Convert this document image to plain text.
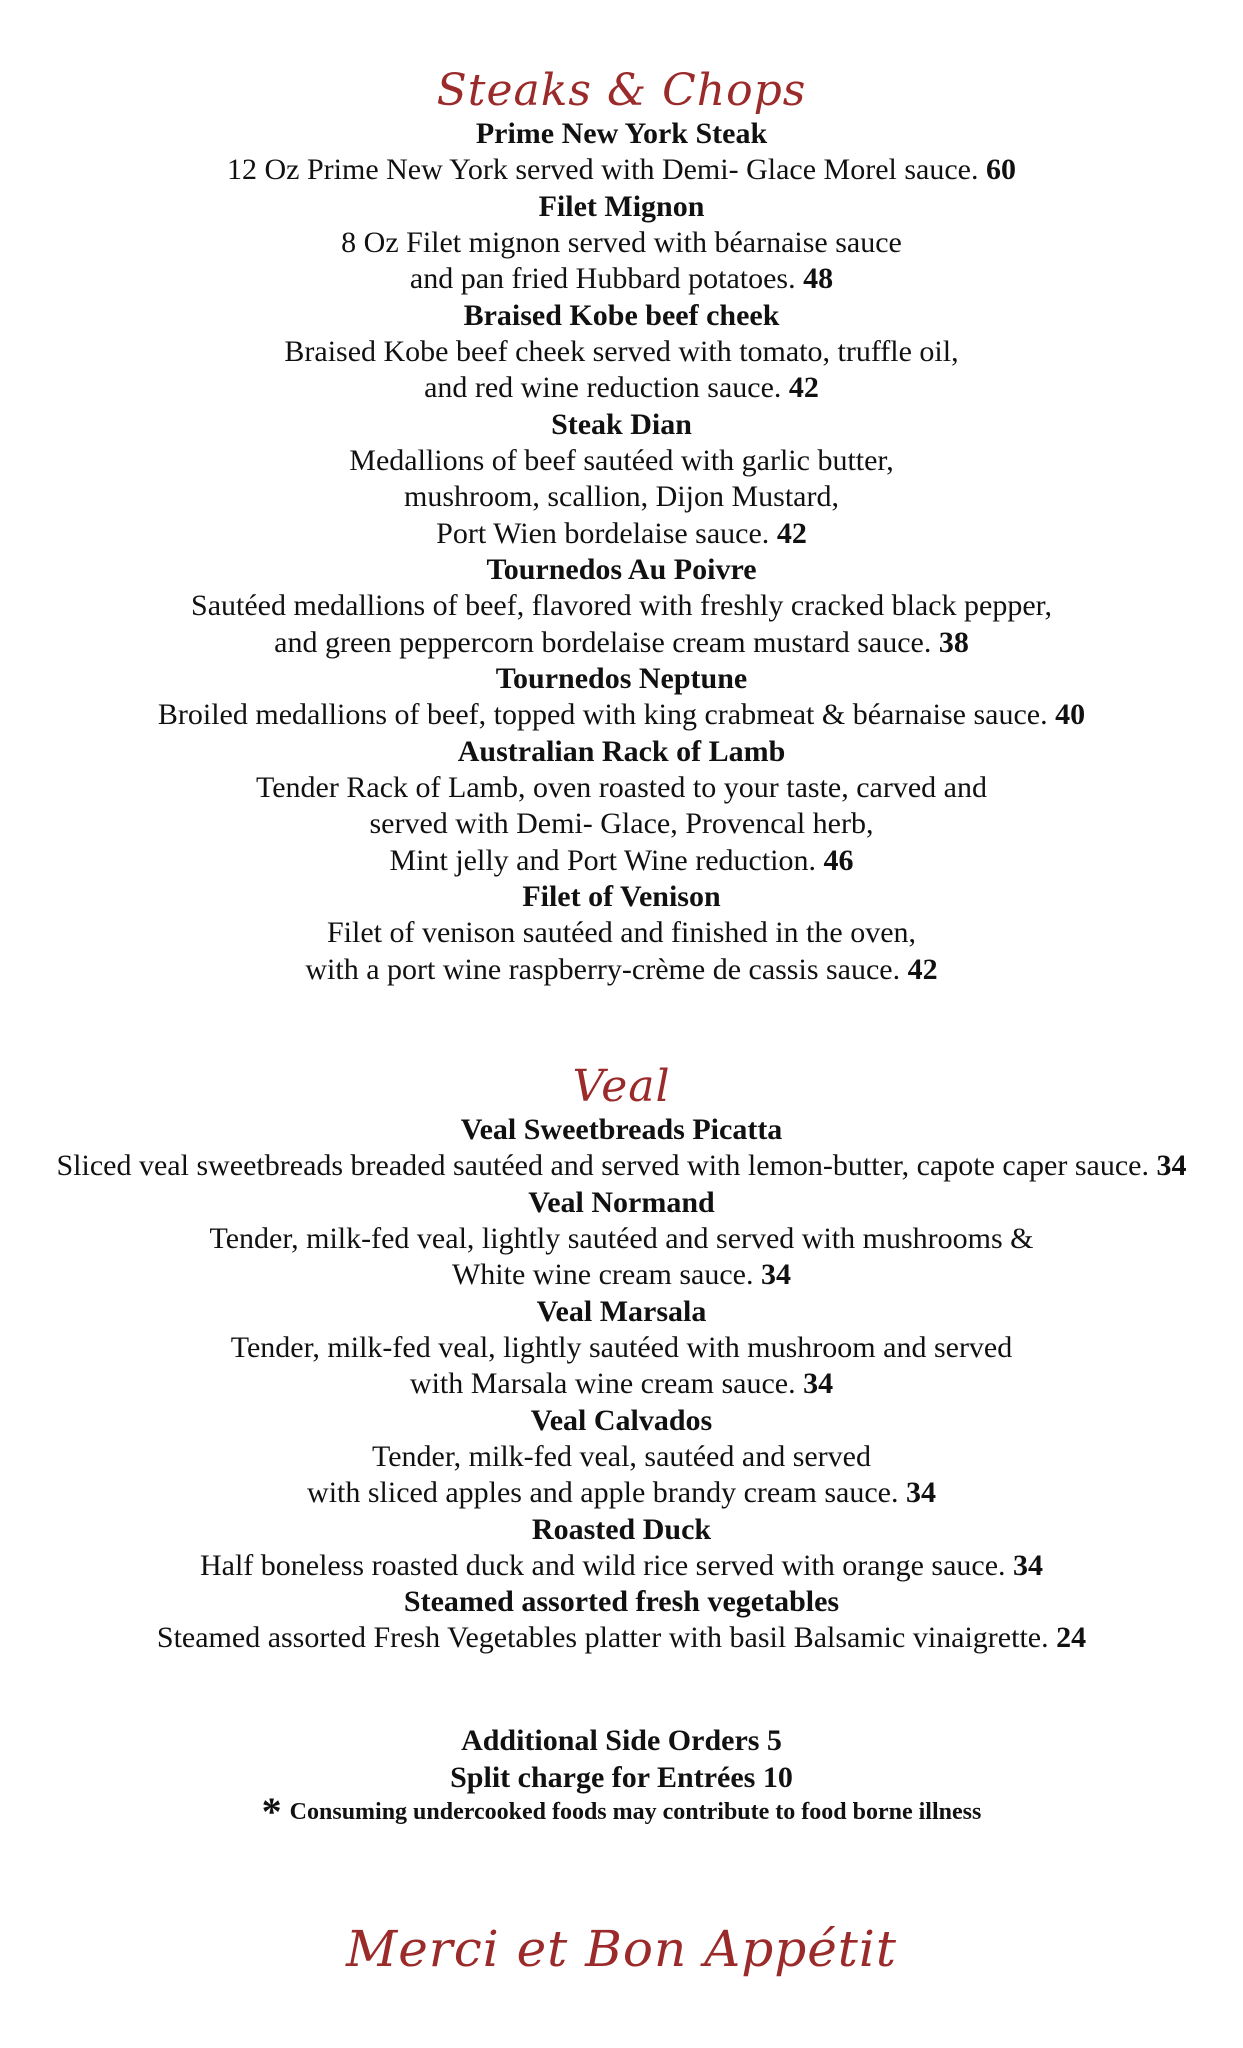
Steaks & Chops

Prime New York Steak

12 Oz Prime New York served with Demi- Glace Morel sauce. 60

Filet Mignon

8 Oz Filet mignon served with béarnaise sauce

and pan fried Hubbard potatoes. 48

Braised Kobe beef cheek

Braised Kobe beef cheek served with tomato, truffle oil,

and red wine reduction sauce. 42

Steak Dian

Medallions of beef sautéed with garlic butter,

mushroom, scallion, Dijon Mustard,

Port Wien bordelaise sauce. 42

Tournedos Au Poivre

Sautéed medallions of beef, flavored with freshly cracked black pepper,

and green peppercorn bordelaise cream mustard sauce. 38

Tournedos Neptune

Broiled medallions of beef, topped with king crabmeat & béarnaise sauce. 40

Australian Rack of Lamb

Tender Rack of Lamb, oven roasted to your taste, carved and

served with Demi- Glace, Provencal herb,

Mint jelly and Port Wine reduction. 46

Filet of Venison

Filet of venison sautéed and finished in the oven,

with a port wine raspberry-crème de cassis sauce. 42

Veal

Veal Sweetbreads Picatta

Sliced veal sweetbreads breaded sautéed and served with lemon-butter, capote caper sauce. 34

Veal Normand

Tender, milk-fed veal, lightly sautéed and served with mushrooms &

White wine cream sauce. 34

Veal Marsala

Tender, milk-fed veal, lightly sautéed with mushroom and served

with Marsala wine cream sauce. 34

Veal Calvados

Tender, milk-fed veal, sautéed and served

with sliced apples and apple brandy cream sauce. 34

Roasted Duck

Half boneless roasted duck and wild rice served with orange sauce. 34

Steamed assorted fresh vegetables

Steamed assorted Fresh Vegetables platter with basil Balsamic vinaigrette. 24

Additional Side Orders 5

Split charge for Entrées 10

* Consuming undercooked foods may contribute to food borne illness

Merci et Bon Appétit
